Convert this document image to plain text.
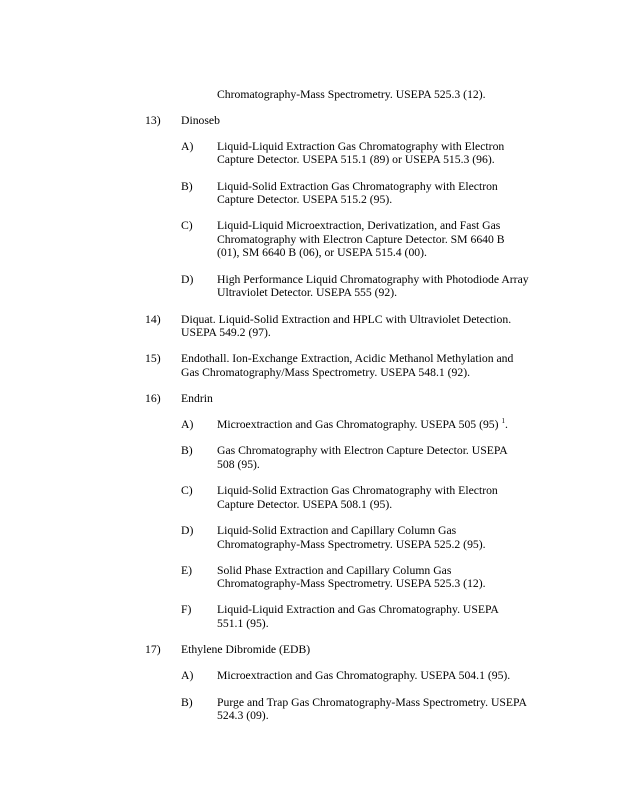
Chromatography-Mass Spectrometry. USEPA 525.3 (12).
13) Dinoseb
A) Liquid-Liquid Extraction Gas Chromatography with Electron
Capture Detector. USEPA 515.1 (89) or USEPA 515.3 (96).
B) Liquid-Solid Extraction Gas Chromatography with Electron
Capture Detector. USEPA 515.2 (95).
C) Liquid-Liquid Microextraction, Derivatization, and Fast Gas
Chromatography with Electron Capture Detector. SM 6640 B
(01), SM 6640 B (06), or USEPA 515.4 (00).
D) High Performance Liquid Chromatography with Photodiode Array
Ultraviolet Detector. USEPA 555 (92).
14) Diquat. Liquid-Solid Extraction and HPLC with Ultraviolet Detection.
USEPA 549.2 (97).
15) Endothall. Ion-Exchange Extraction, Acidic Methanol Methylation and
Gas Chromatography/Mass Spectrometry. USEPA 548.1 (92).
16) Endrin
A) Microextraction and Gas Chromatography. USEPA 505 (95) $^1$.
B) Gas Chromatography with Electron Capture Detector. USEPA
508 (95).
C) Liquid-Solid Extraction Gas Chromatography with Electron
Capture Detector. USEPA 508.1 (95).
D) Liquid-Solid Extraction and Capillary Column Gas
Chromatography-Mass Spectrometry. USEPA 525.2 (95).
E) Solid Phase Extraction and Capillary Column Gas
Chromatography-Mass Spectrometry. USEPA 525.3 (12).
F) Liquid-Liquid Extraction and Gas Chromatography. USEPA
551.1 (95).
17) Ethylene Dibromide (EDB)
A) Microextraction and Gas Chromatography. USEPA 504.1 (95).
B) Purge and Trap Gas Chromatography-Mass Spectrometry. USEPA
524.3 (09).
